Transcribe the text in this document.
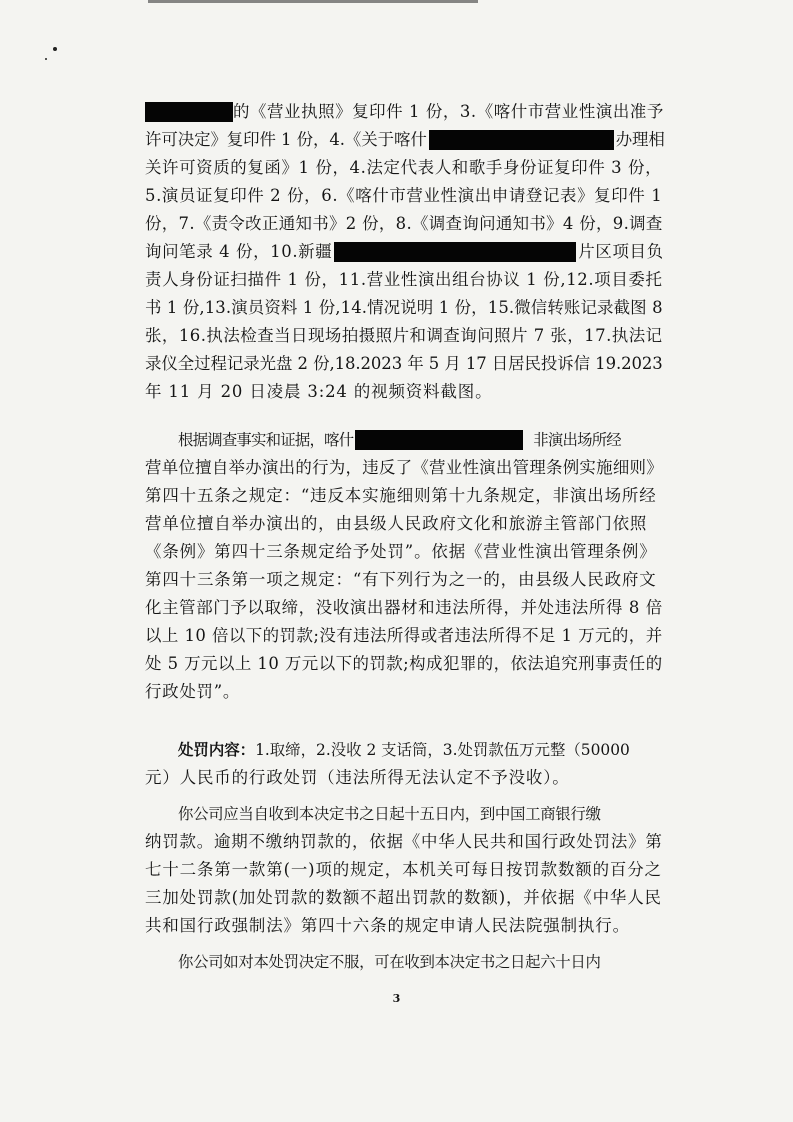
的《营业执照》复印件 1 份，3.《喀什市营业性演出准予
许可决定》复印件 1 份，4.《关于喀什	办理相
关许可资质的复函》1 份，4.法定代表人和歌手身份证复印件 3 份，
5.演员证复印件 2 份，6.《喀什市营业性演出申请登记表》复印件 1
份，7.《责令改正通知书》2 份，8.《调查询问通知书》4 份，9.调查
询问笔录 4 份，10.新疆	片区项目负
责人身份证扫描件 1 份，11.营业性演出组台协议 1 份,12.项目委托
书 1 份,13.演员资料 1 份,14.情况说明 1 份，15.微信转账记录截图 8
张，16.执法检查当日现场拍摄照片和调查询问照片 7 张，17.执法记
录仪全过程记录光盘 2 份,18.2023 年 5 月 17 日居民投诉信 19.2023
年 11 月 20 日凌晨 3:24 的视频资料截图。
根据调查事实和证据，喀什	非演出场所经
营单位擅自举办演出的行为，违反了《营业性演出管理条例实施细则》
第四十五条之规定：“违反本实施细则第十九条规定，非演出场所经
营单位擅自举办演出的，由县级人民政府文化和旅游主管部门依照
《条例》第四十三条规定给予处罚”。依据《营业性演出管理条例》
第四十三条第一项之规定：“有下列行为之一的，由县级人民政府文
化主管部门予以取缔，没收演出器材和违法所得，并处违法所得 8 倍
以上 10 倍以下的罚款;没有违法所得或者违法所得不足 1 万元的，并
处 5 万元以上 10 万元以下的罚款;构成犯罪的，依法追究刑事责任的
行政处罚”。
处罚内容：1.取缔，2.没收 2 支话筒，3.处罚款伍万元整（50000
元）人民币的行政处罚（违法所得无法认定不予没收）。
你公司应当自收到本决定书之日起十五日内，到中国工商银行缴
纳罚款。逾期不缴纳罚款的，依据《中华人民共和国行政处罚法》第
七十二条第一款第(一)项的规定，本机关可每日按罚款数额的百分之
三加处罚款(加处罚款的数额不超出罚款的数额)，并依据《中华人民
共和国行政强制法》第四十六条的规定申请人民法院强制执行。
你公司如对本处罚决定不服，可在收到本决定书之日起六十日内
3
